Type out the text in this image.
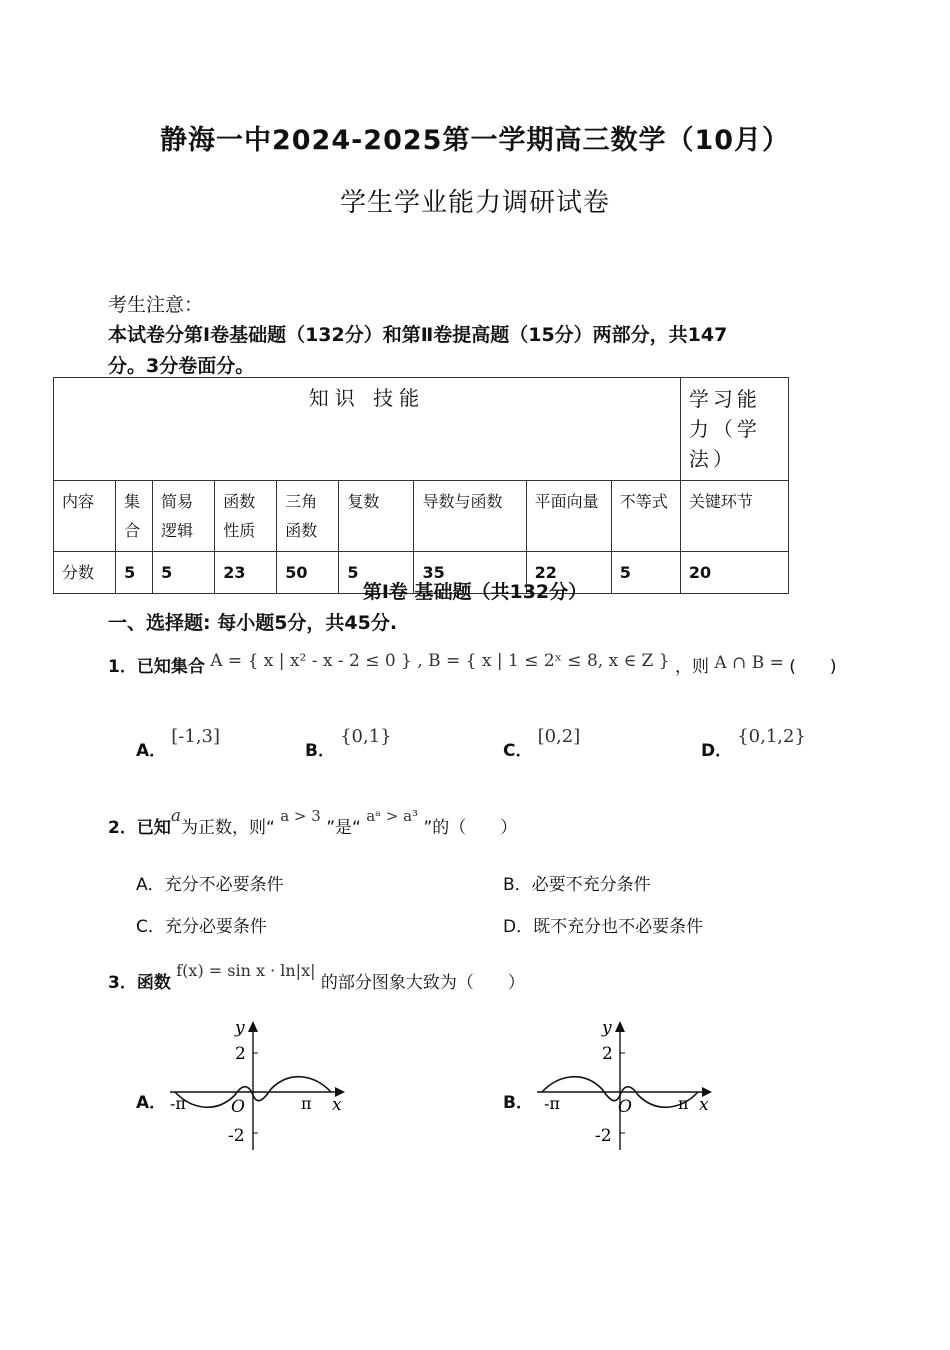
静海一中2024-2025第一学期高三数学（10月）
学生学业能力调研试卷
考生注意：
本试卷分第Ⅰ卷基础题（132分）和第Ⅱ卷提高题（15分）两部分，共147
分。3分卷面分。
知识 技能									学习能力（学法）
内容	集合	简易逻辑	函数性质	三角函数	复数	导数与函数	平面向量	不等式	关键环节
分数	5	5	23	50	5	35	22	5	20
第Ⅰ卷 基础题（共132分）
一、选择题: 每小题5分，共45分.
1．已知集合 A = { x | x² - x - 2 ≤ 0 } , B = { x | 1 ≤ 2ˣ ≤ 8, x ∈ Z } ，则 A ∩ B = (　　)
A． [-1,3]
B． {0,1}
C． [0,2]
D． {0,1,2}
2．已知a为正数，则“ a > 3 ”是“ aᵃ > a³ ”的（　　）
A．充分不必要条件	B．必要不充分条件
C．充分必要条件	D．既不充分也不必要条件
3．函数 f(x) = sin x · ln|x| 的部分图象大致为（　　）
A．
y
2
-2
O
-π	π x	B．
y
2
-2
O
-π	π x
